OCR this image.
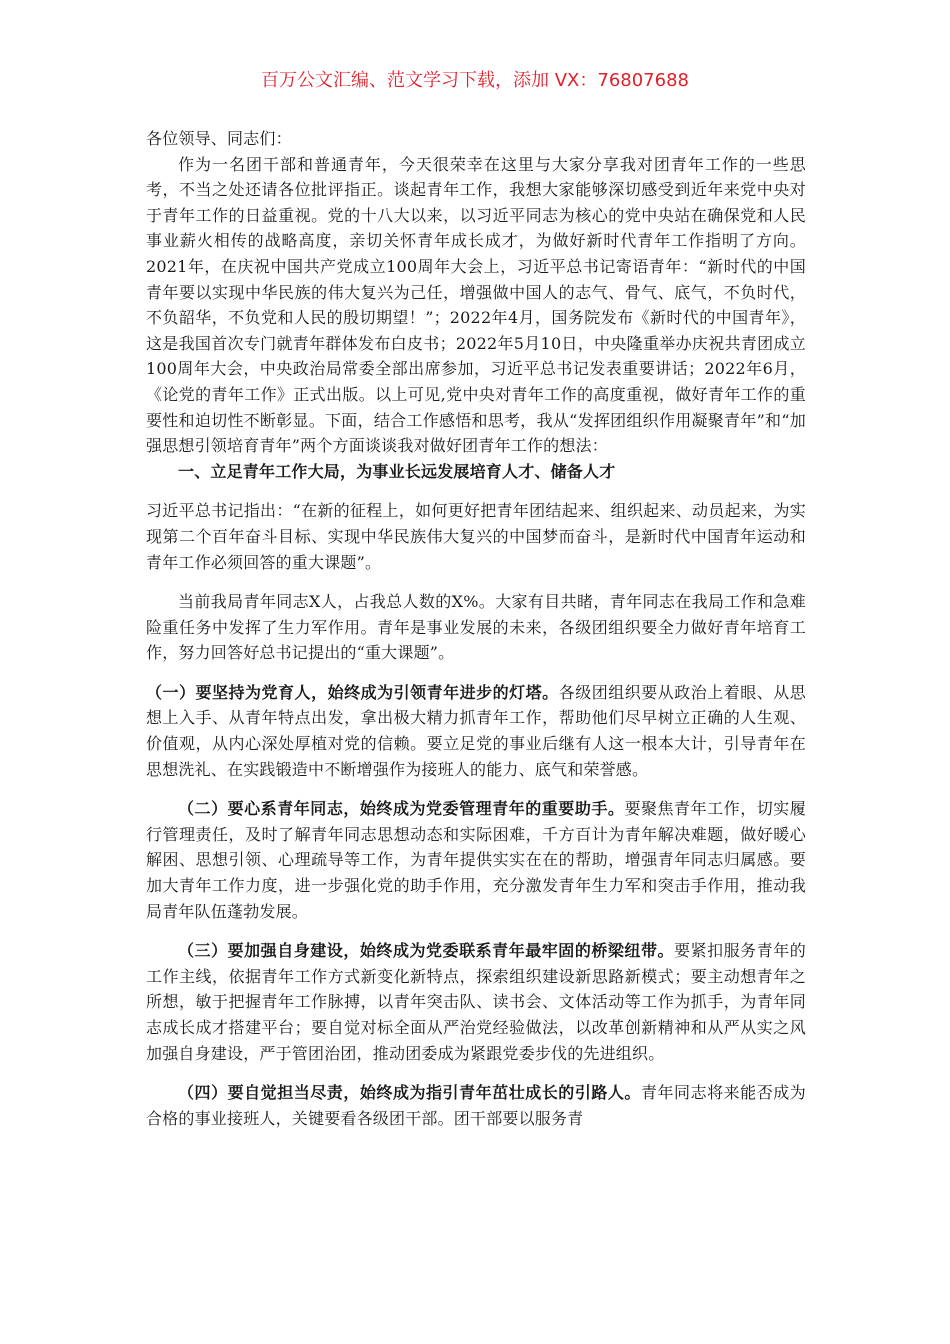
百万公文汇编、范文学习下载，添加 VX：76807688

各位领导、同志们：

作为一名团干部和普通青年，今天很荣幸在这里与大家分享我对团青年工作的一些思考，不当之处还请各位批评指正。谈起青年工作，我想大家能够深切感受到近年来党中央对于青年工作的日益重视。党的十八大以来，以习近平同志为核心的党中央站在确保党和人民事业薪火相传的战略高度，亲切关怀青年成长成才，为做好新时代青年工作指明了方向。2021年，在庆祝中国共产党成立100周年大会上，习近平总书记寄语青年：“新时代的中国青年要以实现中华民族的伟大复兴为己任，增强做中国人的志气、骨气、底气，不负时代，不负韶华，不负党和人民的殷切期望！”；2022年4月，国务院发布《新时代的中国青年》，这是我国首次专门就青年群体发布白皮书；2022年5月10日，中央隆重举办庆祝共青团成立100周年大会，中央政治局常委全部出席参加，习近平总书记发表重要讲话；2022年6月，《论党的青年工作》正式出版。以上可见,党中央对青年工作的高度重视，做好青年工作的重要性和迫切性不断彰显。下面，结合工作感悟和思考，我从“发挥团组织作用凝聚青年”和“加强思想引领培育青年”两个方面谈谈我对做好团青年工作的想法：

一、立足青年工作大局，为事业长远发展培育人才、储备人才

习近平总书记指出：“在新的征程上，如何更好把青年团结起来、组织起来、动员起来，为实现第二个百年奋斗目标、实现中华民族伟大复兴的中国梦而奋斗，是新时代中国青年运动和青年工作必须回答的重大课题”。

当前我局青年同志X人，占我总人数的X%。大家有目共睹，青年同志在我局工作和急难险重任务中发挥了生力军作用。青年是事业发展的未来，各级团组织要全力做好青年培育工作，努力回答好总书记提出的“重大课题”。

（一）要坚持为党育人，始终成为引领青年进步的灯塔。各级团组织要从政治上着眼、从思想上入手、从青年特点出发，拿出极大精力抓青年工作，帮助他们尽早树立正确的人生观、价值观，从内心深处厚植对党的信赖。要立足党的事业后继有人这一根本大计，引导青年在思想洗礼、在实践锻造中不断增强作为接班人的能力、底气和荣誉感。

（二）要心系青年同志，始终成为党委管理青年的重要助手。要聚焦青年工作，切实履行管理责任，及时了解青年同志思想动态和实际困难，千方百计为青年解决难题，做好暖心解困、思想引领、心理疏导等工作，为青年提供实实在在的帮助，增强青年同志归属感。要加大青年工作力度，进一步强化党的助手作用，充分激发青年生力军和突击手作用，推动我局青年队伍蓬勃发展。

（三）要加强自身建设，始终成为党委联系青年最牢固的桥梁纽带。要紧扣服务青年的工作主线，依据青年工作方式新变化新特点，探索组织建设新思路新模式；要主动想青年之所想，敏于把握青年工作脉搏，以青年突击队、读书会、文体活动等工作为抓手，为青年同志成长成才搭建平台；要自觉对标全面从严治党经验做法，以改革创新精神和从严从实之风加强自身建设，严于管团治团，推动团委成为紧跟党委步伐的先进组织。

（四）要自觉担当尽责，始终成为指引青年茁壮成长的引路人。青年同志将来能否成为合格的事业接班人，关键要看各级团干部。团干部要以服务青
